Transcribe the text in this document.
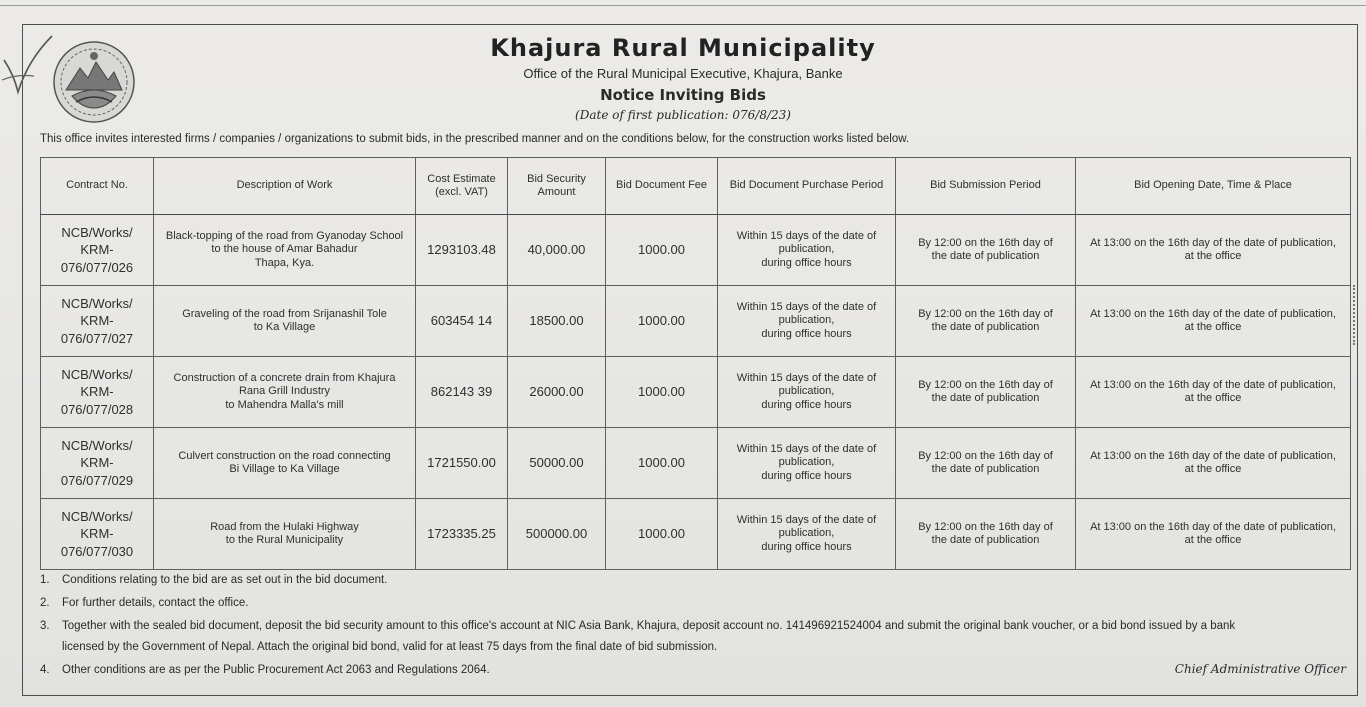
Khajura Rural Municipality
Office of the Rural Municipal Executive, Khajura, Banke
Notice Inviting Bids
(Date of first publication: 076/8/23)
This office invites interested firms / companies / organizations to submit bids, in the prescribed manner and on the conditions below, for the construction works listed below.
Contract No.	Description of Work	Cost Estimate (excl. VAT)	Bid Security Amount	Bid Document Fee	Bid Document Purchase Period	Bid Submission Period	Bid Opening Date, Time & Place
NCB/Works/
KRM-
076/077/026	Black-topping of the road from Gyanoday School
to the house of Amar Bahadur
Thapa, Kya.	1293103.48	40,000.00	1000.00	Within 15 days of the date of publication,
during office hours	By 12:00 on the 16th day of
the date of publication	At 13:00 on the 16th day of the date of publication,
at the office
NCB/Works/
KRM-
076/077/027	Graveling of the road from Srijanashil Tole
to Ka Village	603454 14	18500.00	1000.00	Within 15 days of the date of publication,
during office hours	By 12:00 on the 16th day of
the date of publication	At 13:00 on the 16th day of the date of publication,
at the office
NCB/Works/
KRM-
076/077/028	Construction of a concrete drain from Khajura Rana Grill Industry
to Mahendra Malla's mill	862143 39	26000.00	1000.00	Within 15 days of the date of publication,
during office hours	By 12:00 on the 16th day of
the date of publication	At 13:00 on the 16th day of the date of publication,
at the office
NCB/Works/
KRM-
076/077/029	Culvert construction on the road connecting
Bi Village to Ka Village	1721550.00	50000.00	1000.00	Within 15 days of the date of publication,
during office hours	By 12:00 on the 16th day of
the date of publication	At 13:00 on the 16th day of the date of publication,
at the office
NCB/Works/
KRM-
076/077/030	Road from the Hulaki Highway
to the Rural Municipality	1723335.25	500000.00	1000.00	Within 15 days of the date of publication,
during office hours	By 12:00 on the 16th day of
the date of publication	At 13:00 on the 16th day of the date of publication,
at the office
1. Conditions relating to the bid are as set out in the bid document.
2. For further details, contact the office.
3. Together with the sealed bid document, deposit the bid security amount to this office's account at NIC Asia Bank, Khajura, deposit account no. 141496921524004 and submit the original bank voucher, or a bid bond issued by a bank
licensed by the Government of Nepal. Attach the original bid bond, valid for at least 75 days from the final date of bid submission.
4. Other conditions are as per the Public Procurement Act 2063 and Regulations 2064.	Chief Administrative Officer
